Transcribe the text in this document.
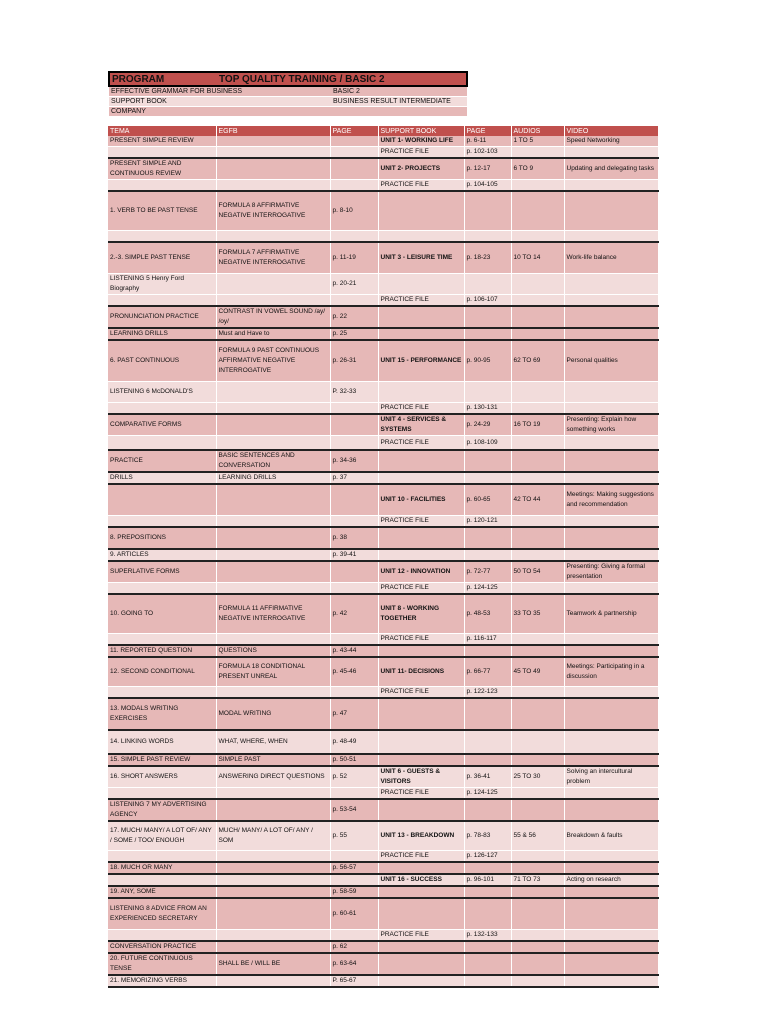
PROGRAM	TOP QUALITY TRAINING / BASIC 2	
EFFECTIVE GRAMMAR FOR BUSINESS		BASIC 2
SUPPORT BOOK		BUSINESS RESULT INTERMEDIATE
COMPANY		
TEMA	EGFB	PAGE	SUPPORT BOOK	PAGE	AUDIOS	VIDEO
PRESENT SIMPLE REVIEW			UNIT 1- WORKING LIFE	p. 6-11	1 TO 5	Speed Networking
			PRACTICE FILE	p. 102-103		
PRESENT SIMPLE AND CONTINUOUS REVIEW			UNIT 2- PROJECTS	p. 12-17	6 TO 9	Updating and delegating tasks
			PRACTICE FILE	p. 104-105		
1. VERB TO BE PAST TENSE	FORMULA 8 AFFIRMATIVE NEGATIVE INTERROGATIVE	p. 8-10				

2.-3. SIMPLE PAST TENSE	FORMULA 7 AFFIRMATIVE NEGATIVE INTERROGATIVE	p. 11-19	UNIT 3 - LEISURE TIME	p. 18-23	10 TO 14	Work-life balance
LISTENING 5 Henry Ford Biography		p. 20-21				
			PRACTICE FILE	p. 106-107		
PRONUNCIATION PRACTICE	CONTRAST IN VOWEL SOUND /ay/ /oy/	p. 22				
LEARNING DRILLS	Must and Have to	p. 25				
6. PAST CONTINUOUS	FORMULA 9 PAST CONTINUOUS AFFIRMATIVE NEGATIVE INTERROGATIVE	p. 26-31	UNIT 15 - PERFORMANCE	p. 90-95	62 TO 69	Personal qualities
LISTENING 6 McDONALD'S		P. 32-33				
			PRACTICE FILE	p. 130-131		
COMPARATIVE FORMS			UNIT 4 - SERVICES & SYSTEMS	p. 24-29	16 TO 19	Presenting: Explain how something works
			PRACTICE FILE	p. 108-109		
PRACTICE	BASIC SENTENCES AND CONVERSATION	p. 34-36				
DRILLS	LEARNING DRILLS	p. 37				
			UNIT 10 - FACILITIES	p. 60-65	42 TO 44	Meetings: Making suggestions and recommendation
			PRACTICE FILE	p. 120-121		
8. PREPOSITIONS		p. 38				
9. ARTICLES		p. 39-41				
SUPERLATIVE FORMS			UNIT 12 - INNOVATION	p. 72-77	50 TO 54	Presenting: Giving a formal presentation
			PRACTICE FILE	p. 124-125		
10. GOING TO	FORMULA 11 AFFIRMATIVE NEGATIVE INTERROGATIVE	p. 42	UNIT 8 - WORKING TOGETHER	p. 48-53	33 TO 35	Teamwork & partnership
			PRACTICE FILE	p. 116-117		
11. REPORTED QUESTION	QUESTIONS	p. 43-44				
12. SECOND CONDITIONAL	FORMULA 18 CONDITIONAL PRESENT UNREAL	p. 45-46	UNIT 11- DECISIONS	p. 66-77	45 TO 49	Meetings: Participating in a discussion
			PRACTICE FILE	p. 122-123		
13. MODALS WRITING EXERCISES	MODAL WRITING	p. 47				
14. LINKING WORDS	WHAT, WHERE, WHEN	p. 48-49				
15. SIMPLE PAST REVIEW	SIMPLE PAST	p. 50-51				
16. SHORT ANSWERS	ANSWERING DIRECT QUESTIONS	p. 52	UNIT 6 - GUESTS & VISITORS	p. 36-41	25 TO 30	Solving an intercultural problem
			PRACTICE FILE	p. 124-125		
LISTENING 7 MY ADVERTISING AGENCY		p. 53-54				
17. MUCH/ MANY/ A LOT OF/ ANY / SOME / TOO/ ENOUGH	MUCH/ MANY/ A LOT OF/ ANY / SOM	p. 55	UNIT 13 - BREAKDOWN	p. 78-83	55 & 56	Breakdown & faults
			PRACTICE FILE	p. 126-127		
18. MUCH OR MANY		p. 56-57				
			UNIT 16 - SUCCESS	p. 96-101	71 TO 73	Acting on research
19. ANY, SOME		p. 58-59				
LISTENING 8 ADVICE FROM AN EXPERIENCED SECRETARY		p. 60-61				
			PRACTICE FILE	p. 132-133		
CONVERSATION PRACTICE		p. 62				
20. FUTURE CONTINUOUS TENSE	SHALL BE / WILL BE	p. 63-64				
21. MEMORIZING VERBS		P. 65-67				
